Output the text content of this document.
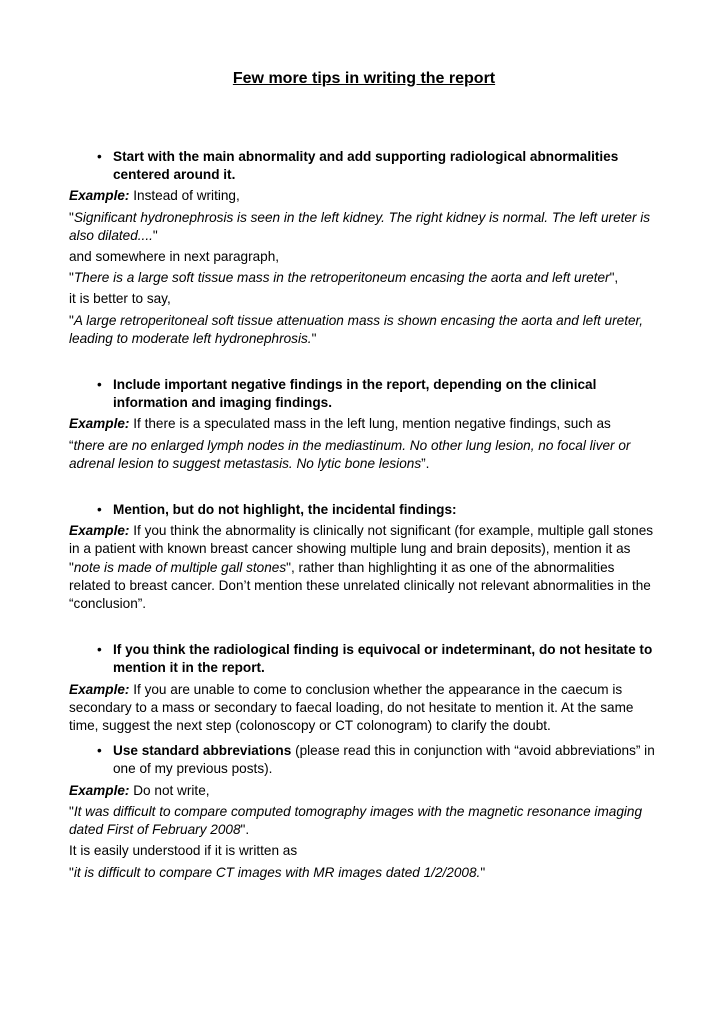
Few more tips in writing the report
• Start with the main abnormality and add supporting radiological abnormalities centered around it.
Example: Instead of writing,
"Significant hydronephrosis is seen in the left kidney. The right kidney is normal. The left ureter is also dilated...."
and somewhere in next paragraph,
"There is a large soft tissue mass in the retroperitoneum encasing the aorta and left ureter",
it is better to say,
"A large retroperitoneal soft tissue attenuation mass is shown encasing the aorta and left ureter, leading to moderate left hydronephrosis."
• Include important negative findings in the report, depending on the clinical information and imaging findings.
Example: If there is a speculated mass in the left lung, mention negative findings, such as
“there are no enlarged lymph nodes in the mediastinum. No other lung lesion, no focal liver or adrenal lesion to suggest metastasis. No lytic bone lesions”.
• Mention, but do not highlight, the incidental findings:
Example: If you think the abnormality is clinically not significant (for example, multiple gall stones in a patient with known breast cancer showing multiple lung and brain deposits), mention it as "note is made of multiple gall stones", rather than highlighting it as one of the abnormalities related to breast cancer. Don’t mention these unrelated clinically not relevant abnormalities in the “conclusion”.
• If you think the radiological finding is equivocal or indeterminant, do not hesitate to mention it in the report.
Example: If you are unable to come to conclusion whether the appearance in the caecum is secondary to a mass or secondary to faecal loading, do not hesitate to mention it. At the same time, suggest the next step (colonoscopy or CT colonogram) to clarify the doubt.
• Use standard abbreviations (please read this in conjunction with “avoid abbreviations” in one of my previous posts).
Example: Do not write,
"It was difficult to compare computed tomography images with the magnetic resonance imaging dated First of February 2008".
It is easily understood if it is written as
"it is difficult to compare CT images with MR images dated 1/2/2008."
